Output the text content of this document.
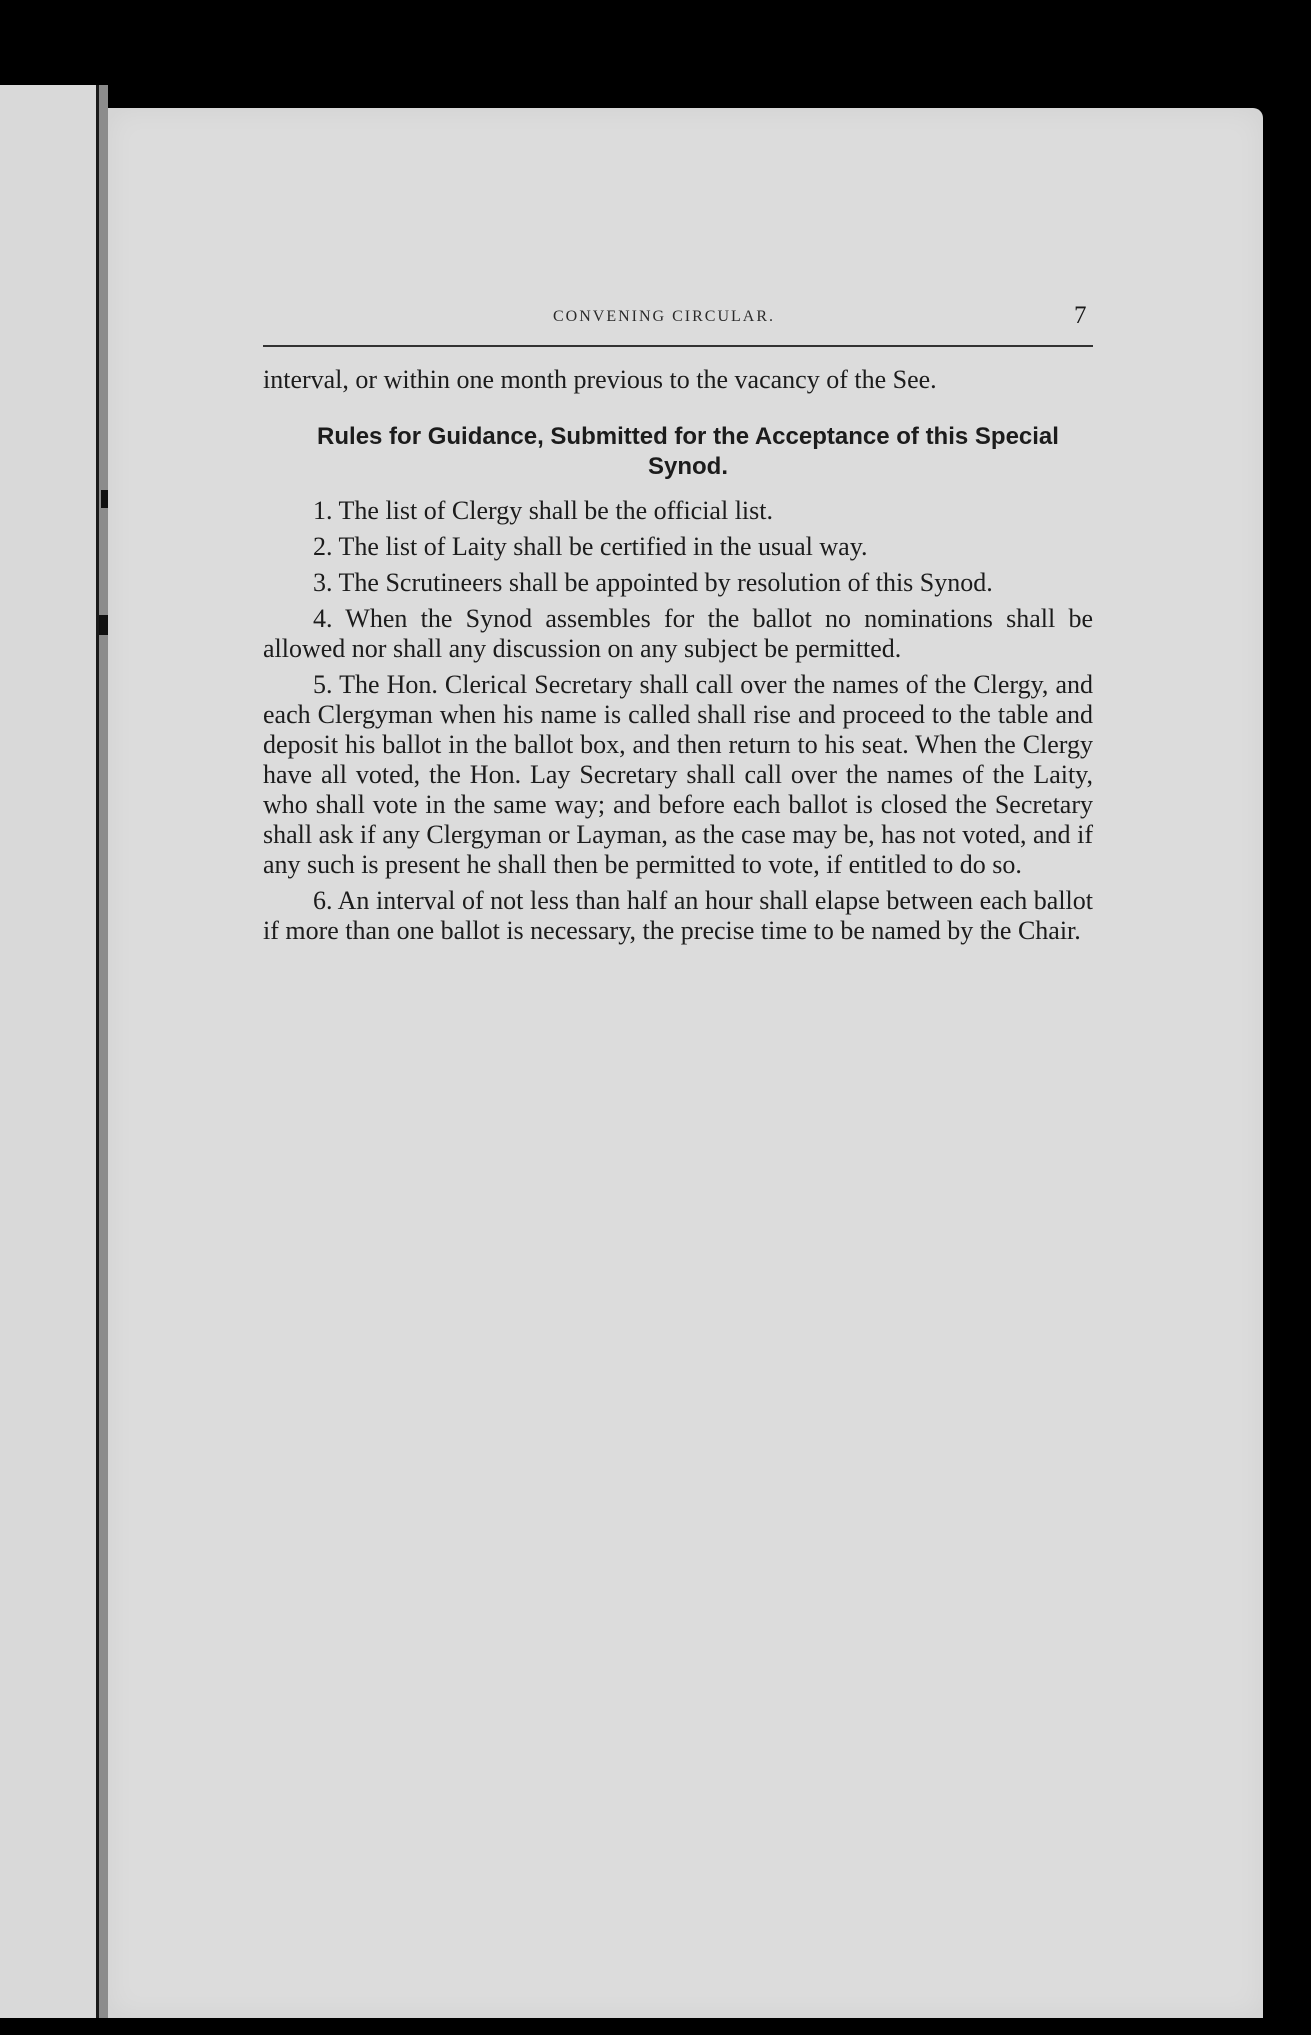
CONVENING CIRCULAR.	7

interval, or within one month previous to the vacancy of the See.

Rules for Guidance, Submitted for the Acceptance of this Special Synod.

1. The list of Clergy shall be the official list.

2. The list of Laity shall be certified in the usual way.

3. The Scrutineers shall be appointed by resolution of this Synod.

4. When the Synod assembles for the ballot no nominations shall be allowed nor shall any discussion on any subject be permitted.

5. The Hon. Clerical Secretary shall call over the names of the Clergy, and each Clergyman when his name is called shall rise and proceed to the table and deposit his ballot in the ballot box, and then return to his seat. When the Clergy have all voted, the Hon. Lay Secretary shall call over the names of the Laity, who shall vote in the same way; and before each ballot is closed the Secretary shall ask if any Clergyman or Layman, as the case may be, has not voted, and if any such is present he shall then be permitted to vote, if entitled to do so.

6. An interval of not less than half an hour shall elapse between each ballot if more than one ballot is necessary, the precise time to be named by the Chair.
